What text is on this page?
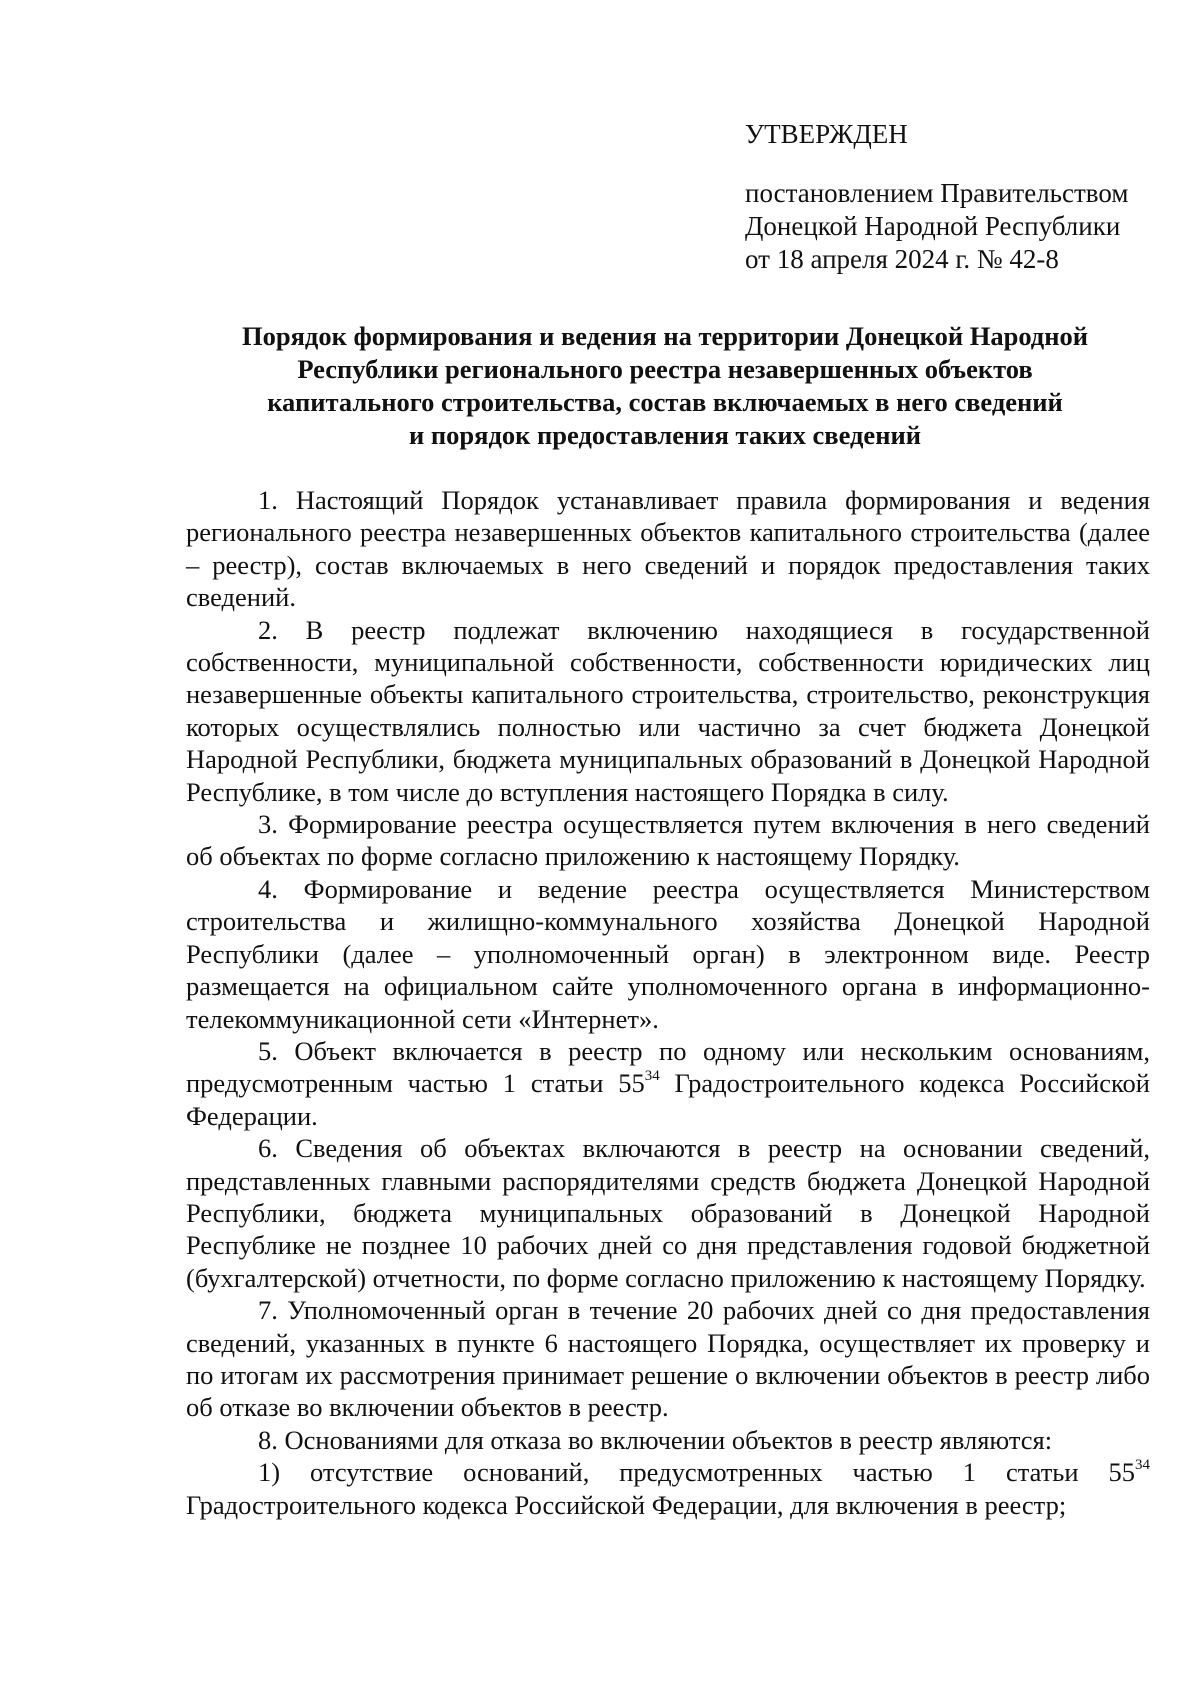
УТВЕРЖДЕН
постановлением Правительством
Донецкой Народной Республики
от 18 апреля 2024 г. № 42-8
Порядок формирования и ведения на территории Донецкой Народной
Республики регионального реестра незавершенных объектов
капитального строительства, состав включаемых в него сведений
и порядок предоставления таких сведений

1. Настоящий Порядок устанавливает правила формирования и ведения регионального реестра незавершенных объектов капитального строительства (далее – реестр), состав включаемых в него сведений и порядок предоставления таких сведений.

2. В реестр подлежат включению находящиеся в государственной собственности, муниципальной собственности, собственности юридических лиц незавершенные объекты капитального строительства, строительство, реконструкция которых осуществлялись полностью или частично за счет бюджета Донецкой Народной Республики, бюджета муниципальных образований в Донецкой Народной Республике, в том числе до вступления настоящего Порядка в силу.

3. Формирование реестра осуществляется путем включения в него сведений об объектах по форме согласно приложению к настоящему Порядку.

4. Формирование и ведение реестра осуществляется Министерством строительства и жилищно-коммунального хозяйства Донецкой Народной Республики (далее – уполномоченный орган) в электронном виде. Реестр размещается на официальном сайте уполномоченного органа в информационно-телекоммуникационной сети «Интернет».

5. Объект включается в реестр по одному или нескольким основаниям, предусмотренным частью 1 статьи $55^{34}$ Градостроительного кодекса Российской Федерации.

6. Сведения об объектах включаются в реестр на основании сведений, представленных главными распорядителями средств бюджета Донецкой Народной Республики, бюджета муниципальных образований в Донецкой Народной Республике не позднее 10 рабочих дней со дня представления годовой бюджетной (бухгалтерской) отчетности, по форме согласно приложению к настоящему Порядку.

7. Уполномоченный орган в течение 20 рабочих дней со дня предоставления сведений, указанных в пункте 6 настоящего Порядка, осуществляет их проверку и по итогам их рассмотрения принимает решение о включении объектов в реестр либо об отказе во включении объектов в реестр.

8. Основаниями для отказа во включении объектов в реестр являются:

1) отсутствие оснований, предусмотренных частью 1 статьи $55^{34}$ Градостроительного кодекса Российской Федерации, для включения в реестр;
